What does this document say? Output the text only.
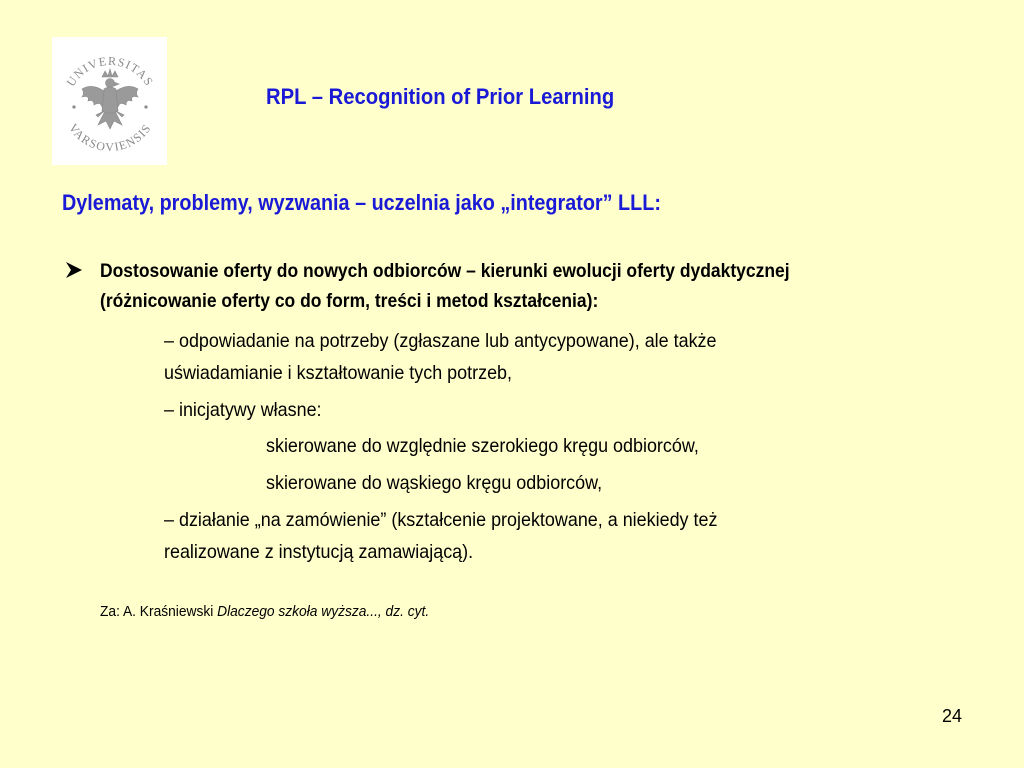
UNIVERSITAS
VARSOVIENSIS
RPL – Recognition of Prior Learning
Dylematy, problemy, wyzwania – uczelnia jako „integrator” LLL:
Dostosowanie oferty do nowych odbiorców – kierunki ewolucji oferty dydaktycznej
(różnicowanie oferty co do form, treści i metod kształcenia):
– odpowiadanie na potrzeby (zgłaszane lub antycypowane), ale także
uświadamianie i kształtowanie tych potrzeb,
– inicjatywy własne:
skierowane do względnie szerokiego kręgu odbiorców,
skierowane do wąskiego kręgu odbiorców,
– działanie „na zamówienie” (kształcenie projektowane, a niekiedy też
realizowane z instytucją zamawiającą).
Za: A. Kraśniewski Dlaczego szkoła wyższa..., dz. cyt.
24
